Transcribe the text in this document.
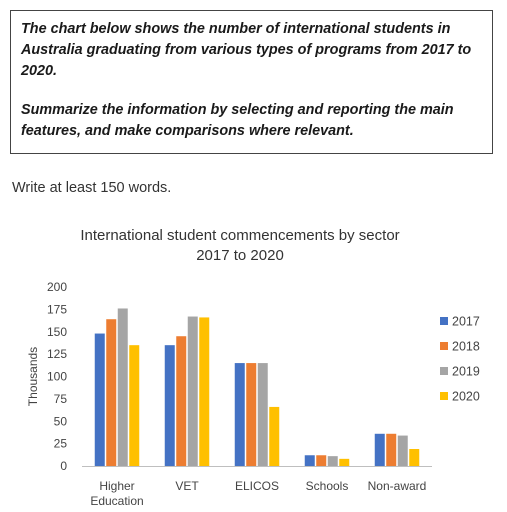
The chart below shows the number of international students in Australia graduating from various types of programs from 2017 to 2020.

Summarize the information by selecting and reporting the main features, and make comparisons where relevant.

Write at least 150 words.
International student commencements by sector
2017 to 2020
0
25
50
75
100
125
150
175
200
Thousands
Higher
Education
VET	ELICOS Schools Non-award
2017
2018
2019
2020
